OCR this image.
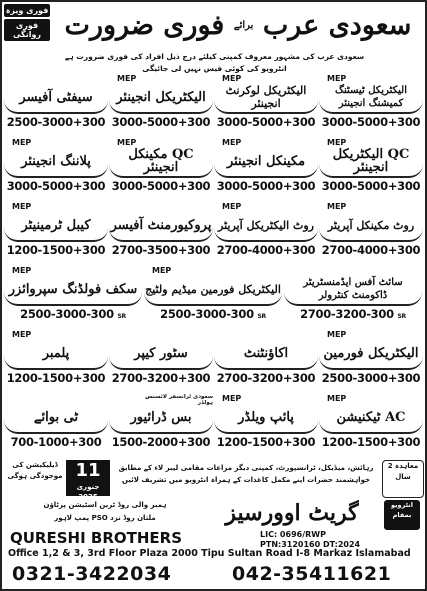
فوری ویزہ
فوری روانگی	سعودی عرب $^{برائے}$ فوری ضرورت
سعودی عرب کی مشہور معروف کمپنی کیلئے درج ذیل افراد کی فوری ضرورت ہے
انٹرویو کی کوئی فیس نہیں لی جائیگی
سیفٹی آفیسر
2500-3000+300
MEP
الیکٹریکل انجینئر
3000-5000+300
MEP
الیکٹریکل لوکرنٹ انجینئر
3000-5000+300
MEP
الیکٹریکل ٹیسٹنگ کمیشنگ انجینئر
3000-5000+300
MEP
پلاننگ انجینئر
3000-5000+300
MEP
QC مکینکل انجینئر
3000-5000+300
MEP
مکینکل انجینئر
3000-5000+300
MEP
QC الیکٹریکل انجینئر
3000-5000+300
MEP
کیبل ٹرمینیٹر
1200-1500+300
پروکیورمنٹ آفیسر
2700-3500+300
MEP
روٹ الیکٹریکل آپریٹر
2700-4000+300
MEP
روٹ مکینکل آپریٹر
2700-4000+300
MEP
سکف فولڈنگ سپروائزر
2500-3000-300 SR
MEP
الیکٹریکل فورمین میڈیم ولٹیج
2500-3000-300 SR
سائٹ آفس ایڈمنسٹریٹر ڈاکومنٹ کنٹرولر
2700-3200-300 SR
MEP
پلمبر
1200-1500+300
سٹور کیپر
2700-3200+300
اکاؤنٹنٹ
2700-3200+300
MEP
الیکٹریکل فورمین
2500-3000+300
ٹی بوائے
700-1000+300
سعودی ٹرانسفر لائسنس ہولڈر
بس ڈرائیور
1500-2000+300
MEP
پائپ ویلڈر
1200-1500+300
MEP
AC ٹیکنیشن
1200-1500+300
ڈیلیکیشن کی موجودگی ہوگی 11
جنوری
2025
رہائش، میڈیکل، ٹرانسپورٹ، کمپنی دیگر مراعات مقامی لیبر لاء کے مطابق
خواہشمند حضرات اپنے مکمل کاغذات کے ہمراہ انٹرویو میں تشریف لائیں
معاہدہ 2 سال
ہمبر والی روڈ ٹرین اسٹیشن پرٹاؤن
ملتان روڈ نزد PSO پمپ لاہور	گریٹ اوورسیز	انٹرویو بمقام
QURESHI BROTHERS	LIC: 0696/RWP
PTN:3120160 DT:2024
Office 1,2 & 3, 3rd Floor Plaza 2000 Tipu Sultan Road I-8 Markaz Islamabad
0321-3422034	042-35411621
